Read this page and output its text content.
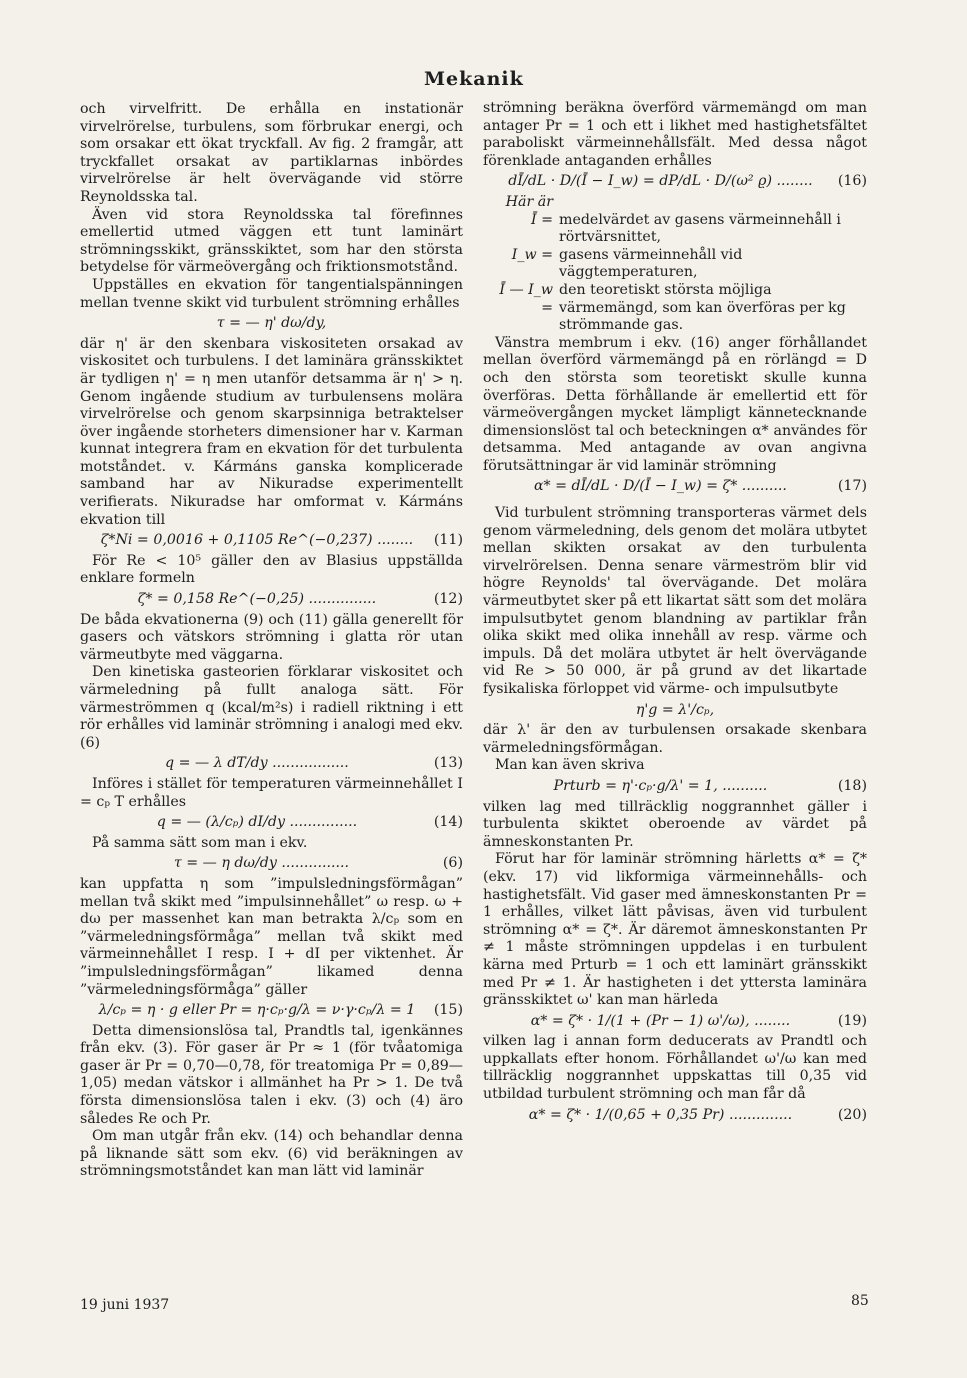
Mekanik

och virvelfritt. De erhålla en instationär virvelrörelse, turbulens, som förbrukar energi, och som orsakar ett ökat tryckfall. Av fig. 2 framgår, att tryckfallet orsakat av partiklarnas inbördes virvelrörelse är helt övervägande vid större Reynoldsska tal.

Även vid stora Reynoldsska tal förefinnes emellertid utmed väggen ett tunt laminärt strömningsskikt, gränsskiktet, som har den största betydelse för värmeövergång och friktionsmotstånd.

Uppställes en ekvation för tangentialspänningen mellan tvenne skikt vid turbulent strömning erhålles

τ = — η' dω/dy,

där η' är den skenbara viskositeten orsakad av viskositet och turbulens. I det laminära gränsskiktet är tydligen η' = η men utanför detsamma är η' > η. Genom ingående studium av turbulensens molära virvelrörelse och genom skarpsinniga betraktelser över ingående storheters dimensioner har v. Karman kunnat integrera fram en ekvation för det turbulenta motståndet. v. Kármáns ganska komplicerade samband har av Nikuradse experimentellt verifierats. Nikuradse har omformat v. Kármáns ekvation till

ζ*Ni = 0,0016 + 0,1105 Re^(−0,237) ........ (11)

För Re < 10⁵ gäller den av Blasius uppställda enklare formeln

ζ* = 0,158 Re^(−0,25) ...............	(12)

De båda ekvationerna (9) och (11) gälla generellt för gasers och vätskors strömning i glatta rör utan värmeutbyte med väggarna.

Den kinetiska gasteorien förklarar viskositet och värmeledning på fullt analoga sätt. För värmeströmmen q (kcal/m²s) i radiell riktning i ett rör erhålles vid laminär strömning i analogi med ekv. (6)

q = — λ dT/dy .................	(13)

Införes i stället för temperaturen värmeinnehållet I = cₚ T erhålles

q = — (λ/cₚ) dI/dy ...............	(14)

På samma sätt som man i ekv.

τ = — η dω/dy ...............	(6)

kan uppfatta η som ”impulsledningsförmågan” mellan två skikt med ”impulsinnehållet” ω resp. ω + dω per massenhet kan man betrakta λ/cₚ som en ”värmeledningsförmåga” mellan två skikt med värmeinnehållet I resp. I + dI per viktenhet. Är ”impulsledningsförmågan” likamed denna ”värmeledningsförmåga” gäller

λ/cₚ = η · g eller Pr = η·cₚ·g/λ = ν·γ·cₚ/λ = 1 (15)

Detta dimensionslösa tal, Prandtls tal, igenkännes från ekv. (3). För gaser är Pr ≈ 1 (för tvåatomiga gaser är Pr = 0,70—0,78, för treatomiga Pr = 0,89—1,05) medan vätskor i allmänhet ha Pr > 1. De två första dimensionslösa talen i ekv. (3) och (4) äro således Re och Pr.

Om man utgår från ekv. (14) och behandlar denna på liknande sätt som ekv. (6) vid beräkningen av strömningsmotståndet kan man lätt vid laminär

strömning beräkna överförd värmemängd om man antager Pr = 1 och ett i likhet med hastighetsfältet paraboliskt värmeinnehållsfält. Med dessa något förenklade antaganden erhålles

dĪ/dL · D/(Ī − I_w) = dP/dL · D/(ω² ϱ) ........ (16)
Här är
Ī = medelvärdet av gasens värmeinnehåll i rörtvärsnittet,
I_w = gasens värmeinnehåll vid väggtemperaturen,
Ī — I_w =
den teoretiskt största möjliga värmemängd, som kan överföras per kg strömmande gas.

Vänstra membrum i ekv. (16) anger förhållandet mellan överförd värmemängd på en rörlängd = D och den största som teoretiskt skulle kunna överföras. Detta förhållande är emellertid ett för värmeövergången mycket lämpligt kännetecknande dimensionslöst tal och beteckningen α* användes för detsamma. Med antagande av ovan angivna förutsättningar är vid laminär strömning

α* = dĪ/dL · D/(Ī − I_w) = ζ* ..........	(17)

Vid turbulent strömning transporteras värmet dels genom värmeledning, dels genom det molära utbytet mellan skikten orsakat av den turbulenta virvelrörelsen. Denna senare värmeström blir vid högre Reynolds' tal övervägande. Det molära värmeutbytet sker på ett likartat sätt som det molära impulsutbytet genom blandning av partiklar från olika skikt med olika innehåll av resp. värme och impuls. Då det molära utbytet är helt övervägande vid Re > 50 000, är på grund av det likartade fysikaliska förloppet vid värme- och impulsutbyte

η'g = λ'/cₚ,

där λ' är den av turbulensen orsakade skenbara värmeledningsförmågan.

Man kan även skriva

Prturb = η'·cₚ·g/λ' = 1, ..........	(18)

vilken lag med tillräcklig noggrannhet gäller i turbulenta skiktet oberoende av värdet på ämneskonstanten Pr.

Förut har för laminär strömning härletts α* = ζ* (ekv. 17) vid likformiga värmeinnehålls- och hastighetsfält. Vid gaser med ämneskonstanten Pr = 1 erhålles, vilket lätt påvisas, även vid turbulent strömning α* = ζ*. Är däremot ämneskonstanten Pr ≠ 1 måste strömningen uppdelas i en turbulent kärna med Prturb = 1 och ett laminärt gränsskikt med Pr ≠ 1. Är hastigheten i det yttersta laminära gränsskiktet ω' kan man härleda

α* = ζ* · 1/(1 + (Pr − 1) ω'/ω), ........	(19)

vilken lag i annan form deducerats av Prandtl och uppkallats efter honom. Förhållandet ω'/ω kan med tillräcklig noggrannhet uppskattas till 0,35 vid utbildad turbulent strömning och man får då

α* = ζ* · 1/(0,65 + 0,35 Pr) ..............	(20)
19 juni 1937	85
